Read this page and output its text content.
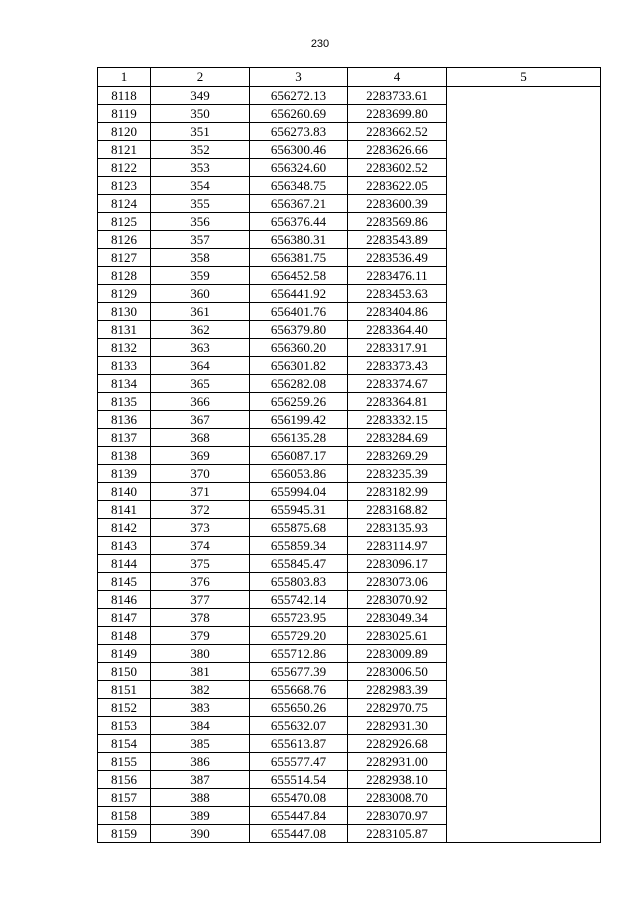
230
1	2	3	4	5
8118	349	656272.13	2283733.61	
8119	350	656260.69	2283699.80	
8120	351	656273.83	2283662.52	
8121	352	656300.46	2283626.66	
8122	353	656324.60	2283602.52	
8123	354	656348.75	2283622.05	
8124	355	656367.21	2283600.39	
8125	356	656376.44	2283569.86	
8126	357	656380.31	2283543.89	
8127	358	656381.75	2283536.49	
8128	359	656452.58	2283476.11	
8129	360	656441.92	2283453.63	
8130	361	656401.76	2283404.86	
8131	362	656379.80	2283364.40	
8132	363	656360.20	2283317.91	
8133	364	656301.82	2283373.43	
8134	365	656282.08	2283374.67	
8135	366	656259.26	2283364.81	
8136	367	656199.42	2283332.15	
8137	368	656135.28	2283284.69	
8138	369	656087.17	2283269.29	
8139	370	656053.86	2283235.39	
8140	371	655994.04	2283182.99	
8141	372	655945.31	2283168.82	
8142	373	655875.68	2283135.93	
8143	374	655859.34	2283114.97	
8144	375	655845.47	2283096.17	
8145	376	655803.83	2283073.06	
8146	377	655742.14	2283070.92	
8147	378	655723.95	2283049.34	
8148	379	655729.20	2283025.61	
8149	380	655712.86	2283009.89	
8150	381	655677.39	2283006.50	
8151	382	655668.76	2282983.39	
8152	383	655650.26	2282970.75	
8153	384	655632.07	2282931.30	
8154	385	655613.87	2282926.68	
8155	386	655577.47	2282931.00	
8156	387	655514.54	2282938.10	
8157	388	655470.08	2283008.70	
8158	389	655447.84	2283070.97	
8159	390	655447.08	2283105.87	
